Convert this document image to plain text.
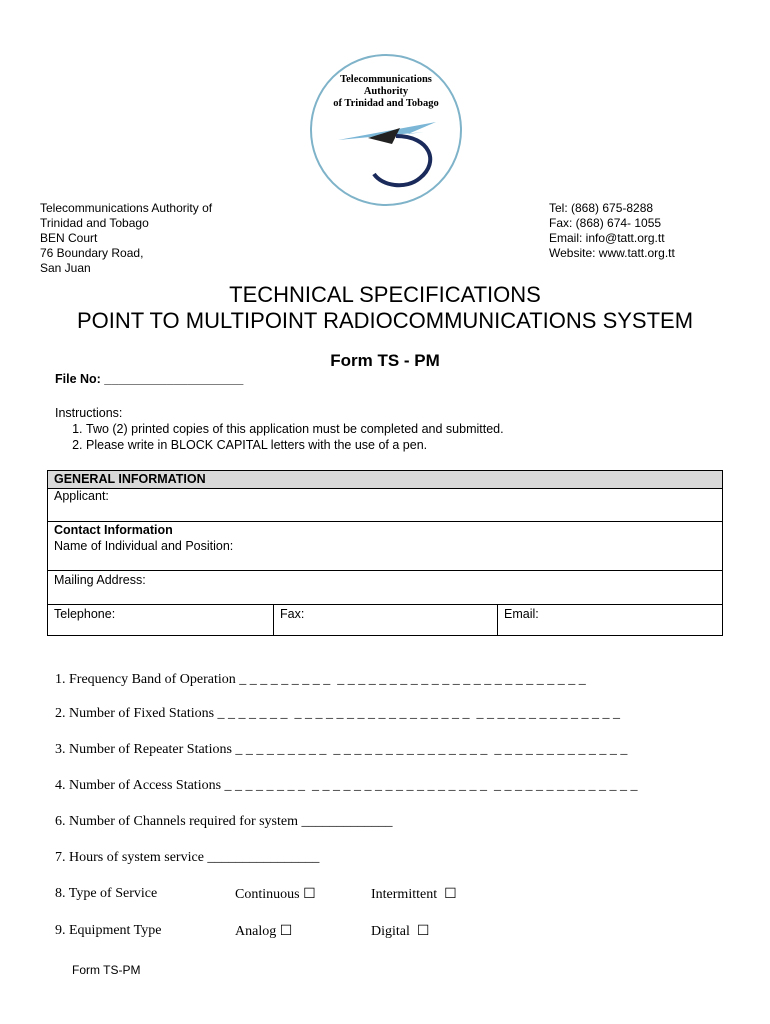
Telecommunications
Authority
of Trinidad and Tobago
Telecommunications Authority of
Trinidad and Tobago
BEN Court
76 Boundary Road,
San Juan
Tel: (868) 675-8288
Fax: (868) 674- 1055
Email: info@tatt.org.tt
Website: www.tatt.org.tt
TECHNICAL SPECIFICATIONS
POINT TO MULTIPOINT RADIOCOMMUNICATIONS SYSTEM
Form TS - PM
File No: ____________________
Instructions:
1. Two (2) printed copies of this application must be completed and submitted.
2. Please write in BLOCK CAPITAL letters with the use of a pen.
GENERAL INFORMATION
Applicant:
Contact Information
Name of Individual and Position:
Mailing Address:
Telephone:	Fax:	Email:
1. Frequency Band of Operation _ _ _ _ _ _ _ _ _  _ _ _ _ _ _ _ _ _ _ _ _ _ _ _ _ _ _ _ _ _ _ _ _
2. Number of Fixed Stations _ _ _ _ _ _ _  _ _ _ _ _ _ _ _ _ _ _ _ _ _ _ _ _  _ _ _ _ _ _ _ _ _ _ _ _ _ _
3. Number of Repeater Stations _ _ _ _ _ _ _ _ _  _ _ _ _ _ _ _ _ _ _ _ _ _ _ _  _ _ _ _ _ _ _ _ _ _ _ _ _
4. Number of Access Stations _ _ _ _ _ _ _ _  _ _ _ _ _ _ _ _ _ _ _ _ _ _ _ _ _  _ _ _ _ _ _ _ _ _ _ _ _ _ _
6. Number of Channels required for system _____________
7. Hours of system service ________________
8. Type of Service	Continuous ☐	Intermittent  ☐
9. Equipment Type	Analog ☐	Digital  ☐
Form TS-PM
